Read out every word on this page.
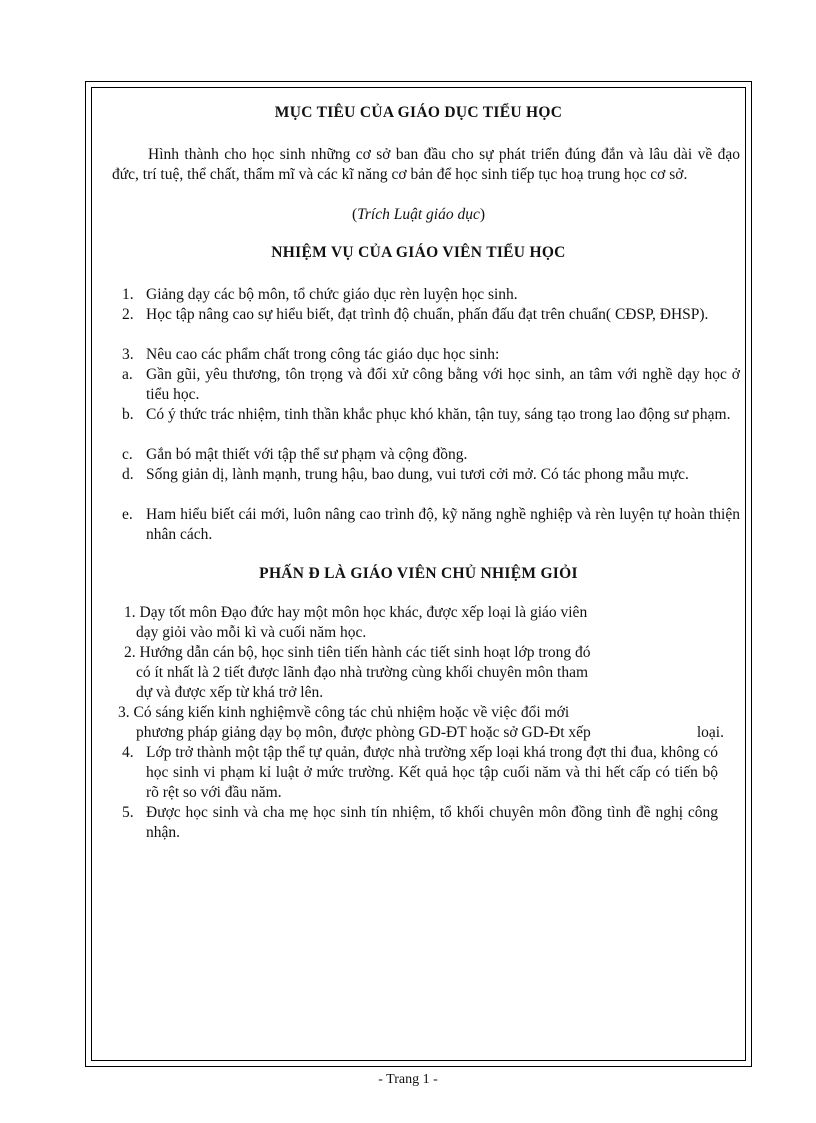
MỤC TIÊU CỦA GIÁO DỤC TIỂU HỌC
Hình thành cho học sinh những cơ sở ban đầu cho sự phát triển đúng đắn và lâu dài về đạo đức, trí tuệ, thể chất, thẩm mĩ và các kĩ năng cơ bản để học sinh tiếp tục hoạ trung học cơ sở.
(Trích Luật giáo dục)
NHIỆM VỤ CỦA GIÁO VIÊN TIỂU HỌC
1. Giảng dạy các bộ môn, tổ chức giáo dục rèn luyện học sinh.
2. Học tập nâng cao sự hiểu biết, đạt trình độ chuẩn, phấn đấu đạt trên chuẩn( CĐSP, ĐHSP).
3. Nêu cao các phẩm chất trong công tác giáo dục học sinh:
a. Gần gũi, yêu thương, tôn trọng và đối xử công bằng với học sinh, an tâm với nghề dạy học ở tiểu học.
b. Có ý thức trác nhiệm, tinh thần khắc phục khó khăn, tận tuy, sáng tạo trong lao động sư phạm.
c. Gắn bó mật thiết với tập thể sư phạm và cộng đồng.
d. Sống giản dị, lành mạnh, trung hậu, bao dung, vui tươi cởi mở. Có tác phong mẫu mực.
e. Ham hiểu biết cái mới, luôn nâng cao trình độ, kỹ năng nghề nghiệp và rèn luyện tự hoàn thiện nhân cách.
PHẤN Đ LÀ GIÁO VIÊN CHỦ NHIỆM GIỎI
1. Dạy tốt môn Đạo đức hay một môn học khác, được xếp loại là giáo viên
dạy giỏi vào mỗi kì và cuối năm học.
2. Hướng dẫn cán bộ, học sinh tiên tiến hành các tiết sinh hoạt lớp trong đó
có ít nhất là 2 tiết được lãnh đạo nhà trường cùng khối chuyên môn tham
dự và được xếp từ khá trở lên.
3. Có sáng kiến kinh nghiệmvề công tác chủ nhiệm hoặc về việc đổi mới
phương pháp giảng dạy bọ môn, được phòng GD-ĐT hoặc sở GD-Đt xếp	loại.
4. Lớp trở thành một tập thể tự quản, được nhà trường xếp loại khá trong đợt thi đua, không có học sinh vi phạm kỉ luật ở mức trường. Kết quả học tập cuối năm và thi hết cấp có tiến bộ rõ rệt so với đầu năm.
5. Được học sinh và cha mẹ học sinh tín nhiệm, tổ khối chuyên môn đồng tình đề nghị công nhận.
- Trang 1 -
